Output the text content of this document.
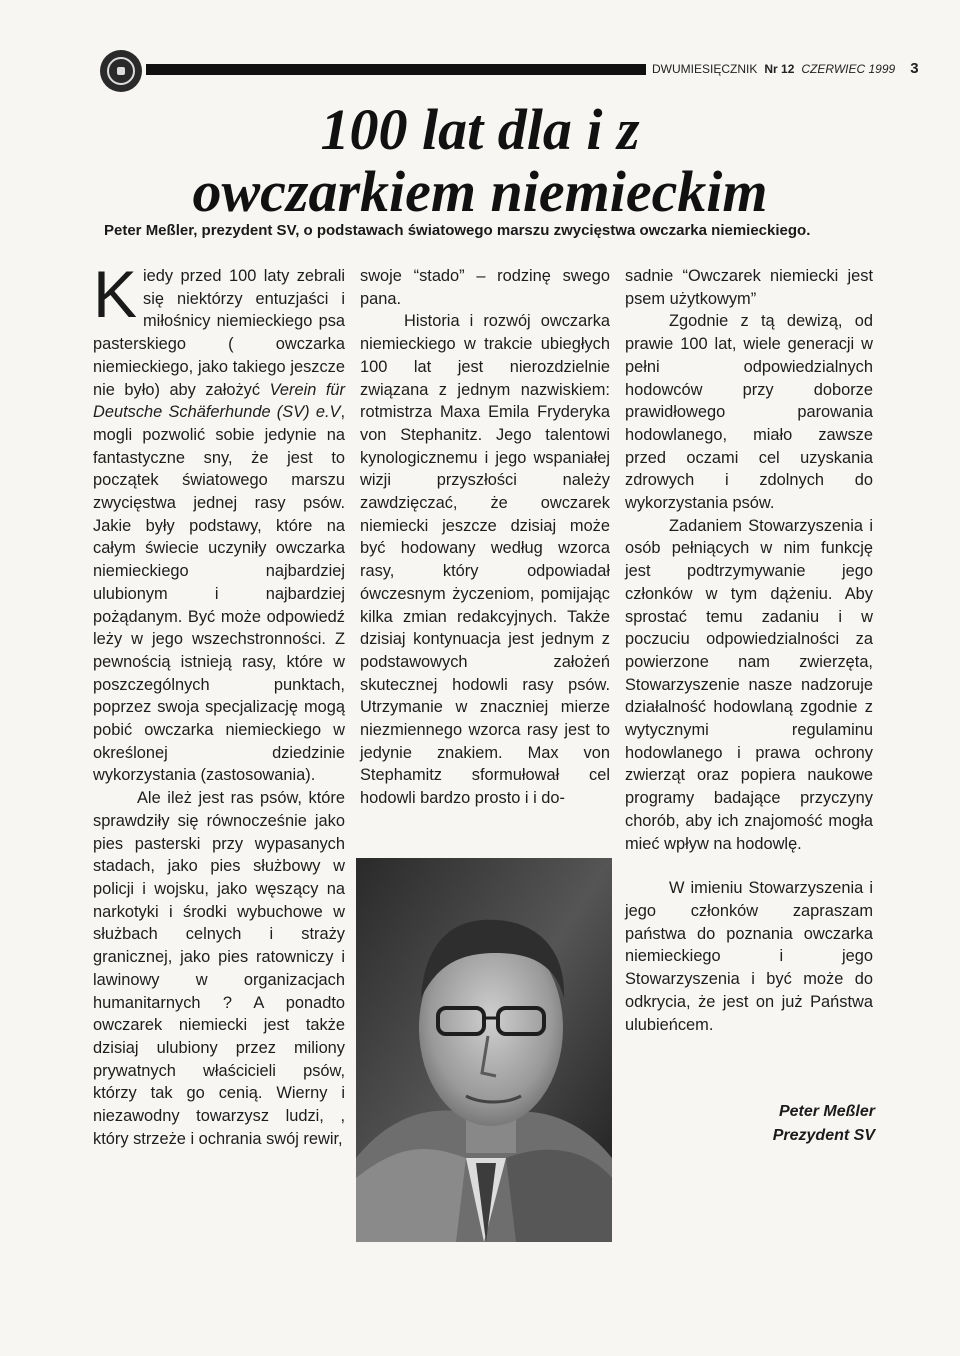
DWUMIESIĘCZNIK Nr 12 CZERWIEC 1999 3
100 lat dla i z
owczarkiem niemieckim
Peter Meßler, prezydent SV, o podstawach światowego marszu zwycięstwa owczarka niemieckiego.

Kiedy przed 100 laty zebrali się niektórzy entuzjaści i miłośnicy niemieckiego psa pasterskiego ( owczarka niemieckiego, jako takiego jeszcze nie było) aby założyć Verein für Deutsche Schäferhunde (SV) e.V, mogli pozwolić sobie jedynie na fantastyczne sny, że jest to początek światowego marszu zwycięstwa jednej rasy psów. Jakie były podstawy, które na całym świecie uczyniły owczarka niemieckiego najbardziej ulubionym i najbardziej pożądanym. Być może odpowiedź leży w jego wszechstronności. Z pewnością istnieją rasy, które w poszczególnych punktach, poprzez swoja specjalizację mogą pobić owczarka niemieckiego w określonej dziedzinie wykorzystania (zastosowania).

Ale ileż jest ras psów, które sprawdziły się równocześnie jako pies pasterski przy wypasanych stadach, jako pies służbowy w policji i wojsku, jako węszący na narkotyki i środki wybuchowe w służbach celnych i straży granicznej, jako pies ratowniczy i lawinowy w organizacjach humanitarnych ? A ponadto owczarek niemiecki jest także dzisiaj ulubiony przez miliony prywatnych właścicieli psów, którzy tak go cenią. Wierny i niezawodny towarzysz ludzi, , który strzeże i ochrania swój rewir,

swoje “stado” – rodzinę swego pana.

Historia i rozwój owczarka niemieckiego w trakcie ubiegłych 100 lat jest nierozdzielnie związana z jednym nazwiskiem: rotmistrza Maxa Emila Fryderyka von Stephanitz. Jego talentowi kynologicznemu i jego wspaniałej wizji przyszłości należy zawdzięczać, że owczarek niemiecki jeszcze dzisiaj może być hodowany według wzorca rasy, który odpowiadał ówczesnym życzeniom, pomijając kilka zmian redakcyjnych. Także dzisiaj kontynuacja jest jednym z podstawowych założeń skutecznej hodowli rasy psów. Utrzymanie w znaczniej mierze niezmiennego wzorca rasy jest to jedynie znakiem. Max von Stephamitz sformułował cel hodowli bardzo prosto i i do-

sadnie “Owczarek niemiecki jest psem użytkowym”

Zgodnie z tą dewizą, od prawie 100 lat, wiele generacji w pełni odpowiedzialnych hodowców przy doborze prawidłowego parowania hodowlanego, miało zawsze przed oczami cel uzyskania zdrowych i zdolnych do wykorzystania psów.

Zadaniem Stowarzyszenia i osób pełniących w nim funkcję jest podtrzymywanie jego członków w tym dążeniu. Aby sprostać temu zadaniu i w poczuciu odpowiedzialności za powierzone nam zwierzęta, Stowarzyszenie nasze nadzoruje działalność hodowlaną zgodnie z wytycznymi regulaminu hodowlanego i prawa ochrony zwierząt oraz popiera naukowe programy badające przyczyny chorób, aby ich znajomość mogła mieć wpływ na hodowlę.

W imieniu Stowarzyszenia i jego członków zapraszam państwa do poznania owczarka niemieckiego i jego Stowarzyszenia i być może do odkrycia, że jest on już Państwa ulubieńcem.

Peter Meßler
Prezydent SV
